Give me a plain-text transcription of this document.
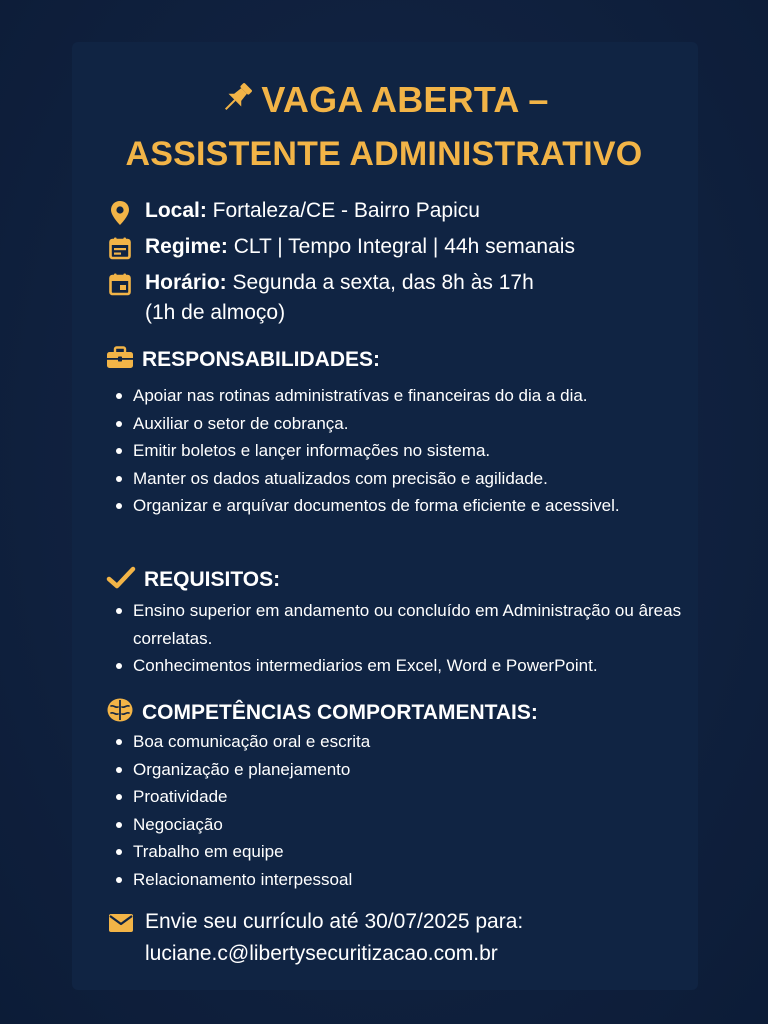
VAGA ABERTA –
ASSISTENTE ADMINISTRATIVO
Local: Fortaleza/CE - Bairro Papicu
Regime: CLT | Tempo Integral | 44h semanais
Horário: Segunda a sexta, das 8h às 17h
(1h de almoço)
RESPONSABILIDADES:
Apoiar nas rotinas administratívas e financeiras do dia a dia.
Auxiliar o setor de cobrança.
Emitir boletos e lançer informações no sistema.
Manter os dados atualizados com precisão e agilidade.
Organizar e arquívar documentos de forma eficiente e acessivel.
REQUISITOS:
Ensino superior em andamento ou concluído em Administração ou âreas correlatas.
Conhecimentos intermediarios em Excel, Word e PowerPoint.
COMPETÊNCIAS COMPORTAMENTAIS:
Boa comunicação oral e escrita
Organização e planejamento
Proatividade
Negociação
Trabalho em equipe
Relacionamento interpessoal
Envie seu currículo até 30/07/2025 para:
luciane.c@libertysecuritizacao.com.br
